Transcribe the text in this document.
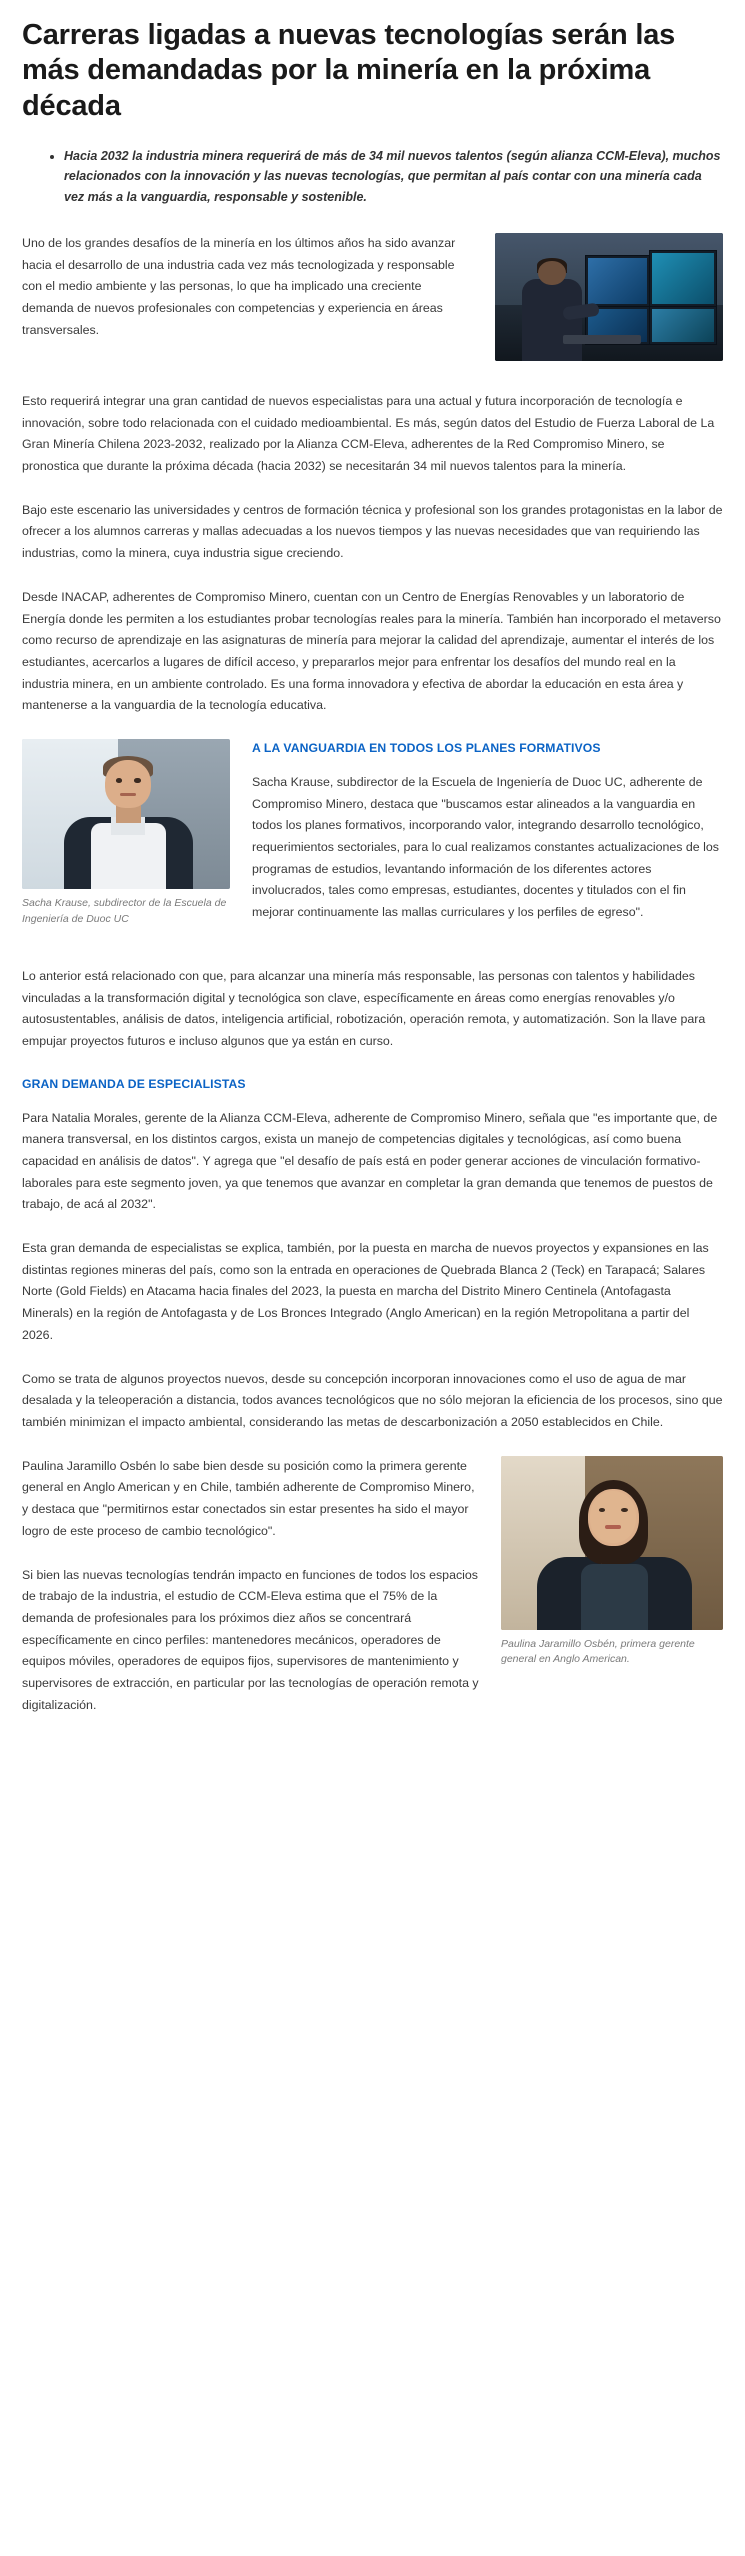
Carreras ligadas a nuevas tecnologías serán las más demandadas por la minería en la próxima década
• Hacia 2032 la industria minera requerirá de más de 34 mil nuevos talentos (según alianza CCM-Eleva), muchos relacionados con la innovación y las nuevas tecnologías, que permitan al país contar con una minería cada vez más a la vanguardia, responsable y sostenible.

Uno de los grandes desafíos de la minería en los últimos años ha sido avanzar hacia el desarrollo de una industria cada vez más tecnologizada y responsable con el medio ambiente y las personas, lo que ha implicado una creciente demanda de nuevos profesionales con competencias y experiencia en áreas transversales.

Esto requerirá integrar una gran cantidad de nuevos especialistas para una actual y futura incorporación de tecnología e innovación, sobre todo relacionada con el cuidado medioambiental. Es más, según datos del Estudio de Fuerza Laboral de La Gran Minería Chilena 2023-2032, realizado por la Alianza CCM-Eleva, adherentes de la Red Compromiso Minero, se pronostica que durante la próxima década (hacia 2032) se necesitarán 34 mil nuevos talentos para la minería.

Bajo este escenario las universidades y centros de formación técnica y profesional son los grandes protagonistas en la labor de ofrecer a los alumnos carreras y mallas adecuadas a los nuevos tiempos y las nuevas necesidades que van requiriendo las industrias, como la minera, cuya industria sigue creciendo.

Desde INACAP, adherentes de Compromiso Minero, cuentan con un Centro de Energías Renovables y un laboratorio de Energía donde les permiten a los estudiantes probar tecnologías reales para la minería. También han incorporado el metaverso como recurso de aprendizaje en las asignaturas de minería para mejorar la calidad del aprendizaje, aumentar el interés de los estudiantes, acercarlos a lugares de difícil acceso, y prepararlos mejor para enfrentar los desafíos del mundo real en la industria minera, en un ambiente controlado. Es una forma innovadora y efectiva de abordar la educación en esta área y mantenerse a la vanguardia de la tecnología educativa.

Sacha Krause, subdirector de la Escuela de Ingeniería de Duoc UC
A LA VANGUARDIA EN TODOS LOS PLANES FORMATIVOS

Sacha Krause, subdirector de la Escuela de Ingeniería de Duoc UC, adherente de Compromiso Minero, destaca que "buscamos estar alineados a la vanguardia en todos los planes formativos, incorporando valor, integrando desarrollo tecnológico, requerimientos sectoriales, para lo cual realizamos constantes actualizaciones de los programas de estudios, levantando información de los diferentes actores involucrados, tales como empresas, estudiantes, docentes y titulados con el fin mejorar continuamente las mallas curriculares y los perfiles de egreso".

Lo anterior está relacionado con que, para alcanzar una minería más responsable, las personas con talentos y habilidades vinculadas a la transformación digital y tecnológica son clave, específicamente en áreas como energías renovables y/o autosustentables, análisis de datos, inteligencia artificial, robotización, operación remota, y automatización. Son la llave para empujar proyectos futuros e incluso algunos que ya están en curso.

GRAN DEMANDA DE ESPECIALISTAS

Para Natalia Morales, gerente de la Alianza CCM-Eleva, adherente de Compromiso Minero, señala que "es importante que, de manera transversal, en los distintos cargos, exista un manejo de competencias digitales y tecnológicas, así como buena capacidad en análisis de datos". Y agrega que "el desafío de país está en poder generar acciones de vinculación formativo-laborales para este segmento joven, ya que tenemos que avanzar en completar la gran demanda que tenemos de puestos de trabajo, de acá al 2032".

Esta gran demanda de especialistas se explica, también, por la puesta en marcha de nuevos proyectos y expansiones en las distintas regiones mineras del país, como son la entrada en operaciones de Quebrada Blanca 2 (Teck) en Tarapacá; Salares Norte (Gold Fields) en Atacama hacia finales del 2023, la puesta en marcha del Distrito Minero Centinela (Antofagasta Minerals) en la región de Antofagasta y de Los Bronces Integrado (Anglo American) en la región Metropolitana a partir del 2026.

Como se trata de algunos proyectos nuevos, desde su concepción incorporan innovaciones como el uso de agua de mar desalada y la teleoperación a distancia, todos avances tecnológicos que no sólo mejoran la eficiencia de los procesos, sino que también minimizan el impacto ambiental, considerando las metas de descarbonización a 2050 establecidos en Chile.

Paulina Jaramillo Osbén, primera gerente general en Anglo American.

Paulina Jaramillo Osbén lo sabe bien desde su posición como la primera gerente general en Anglo American y en Chile, también adherente de Compromiso Minero, y destaca que "permitirnos estar conectados sin estar presentes ha sido el mayor logro de este proceso de cambio tecnológico".

Si bien las nuevas tecnologías tendrán impacto en funciones de todos los espacios de trabajo de la industria, el estudio de CCM-Eleva estima que el 75% de la demanda de profesionales para los próximos diez años se concentrará específicamente en cinco perfiles: mantenedores mecánicos, operadores de equipos móviles, operadores de equipos fijos, supervisores de mantenimiento y supervisores de extracción, en particular por las tecnologías de operación remota y digitalización.
